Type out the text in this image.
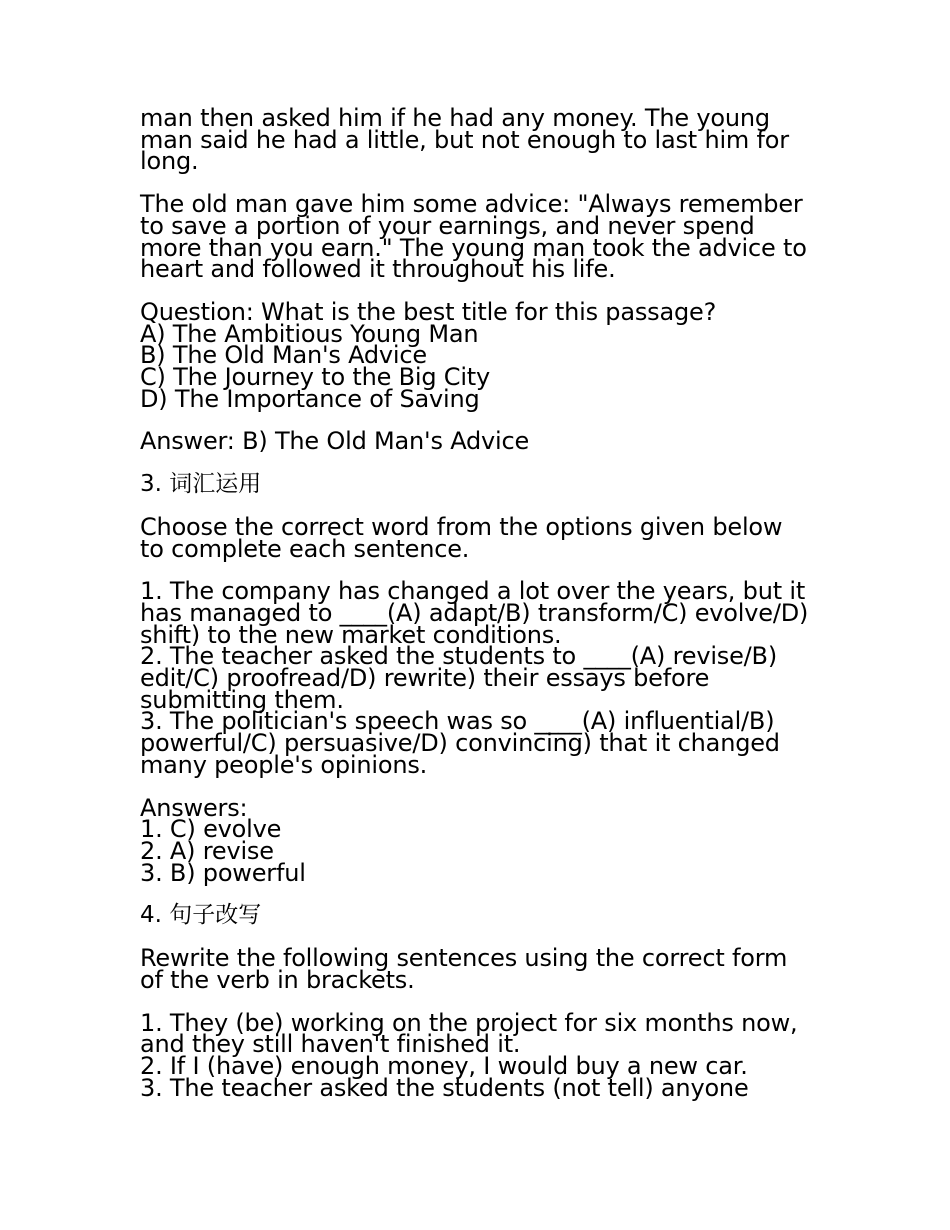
man then asked him if he had any money. The young
man said he had a little, but not enough to last him for
long.
The old man gave him some advice: "Always remember
to save a portion of your earnings, and never spend
more than you earn." The young man took the advice to
heart and followed it throughout his life.
Question: What is the best title for this passage?
A) The Ambitious Young Man
B) The Old Man's Advice
C) The Journey to the Big City
D) The Importance of Saving
Answer: B) The Old Man's Advice
3. 词汇运用
Choose the correct word from the options given below
to complete each sentence.
1. The company has changed a lot over the years, but it
has managed to ____(A) adapt/B) transform/C) evolve/D)
shift) to the new market conditions.
2. The teacher asked the students to ____(A) revise/B)
edit/C) proofread/D) rewrite) their essays before
submitting them.
3. The politician's speech was so ____(A) influential/B)
powerful/C) persuasive/D) convincing) that it changed
many people's opinions.
Answers:
1. C) evolve
2. A) revise
3. B) powerful
4. 句子改写
Rewrite the following sentences using the correct form
of the verb in brackets.
1. They (be) working on the project for six months now,
and they still haven't finished it.
2. If I (have) enough money, I would buy a new car.
3. The teacher asked the students (not tell) anyone
